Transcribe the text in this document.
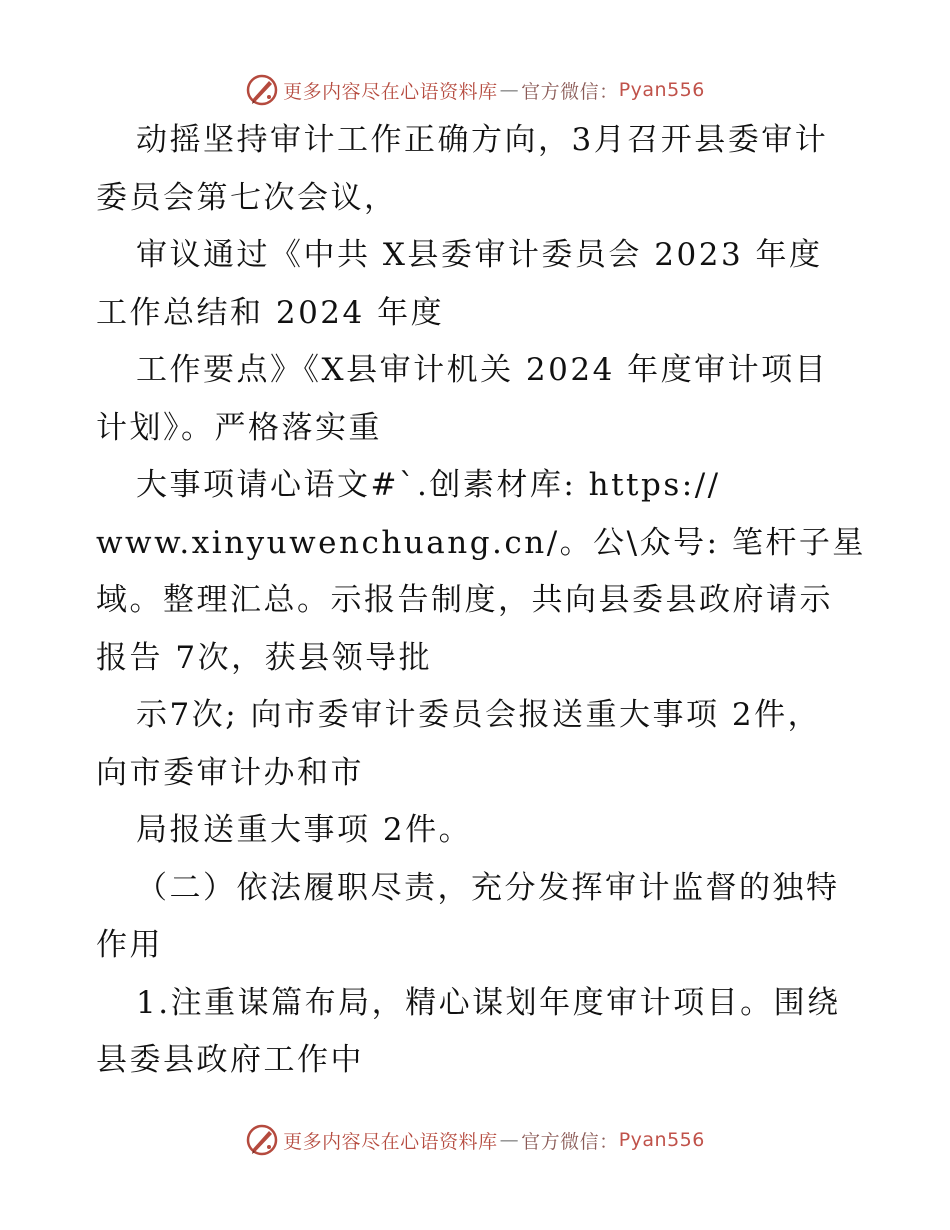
更多内容尽在心语资料库 — 官方微信： Pyan556
动摇坚持审计工作正确方向，3月召开县委审计
委员会第七次会议，
审议通过《中共 X县委审计委员会 2023 年度
工作总结和 2024 年度
工作要点》《X县审计机关 2024 年度审计项目
计划》。严格落实重
大事项请心语文#`.创素材库: https://
www.xinyuwenchuang.cn/。公\众号: 笔杆子星
域。整理汇总。示报告制度，共向县委县政府请示
报告 7次，获县领导批
示7次; 向市委审计委员会报送重大事项 2件，
向市委审计办和市
局报送重大事项 2件。
（二）依法履职尽责，充分发挥审计监督的独特
作用
1.注重谋篇布局，精心谋划年度审计项目。围绕
县委县政府工作中
更多内容尽在心语资料库 — 官方微信： Pyan556
